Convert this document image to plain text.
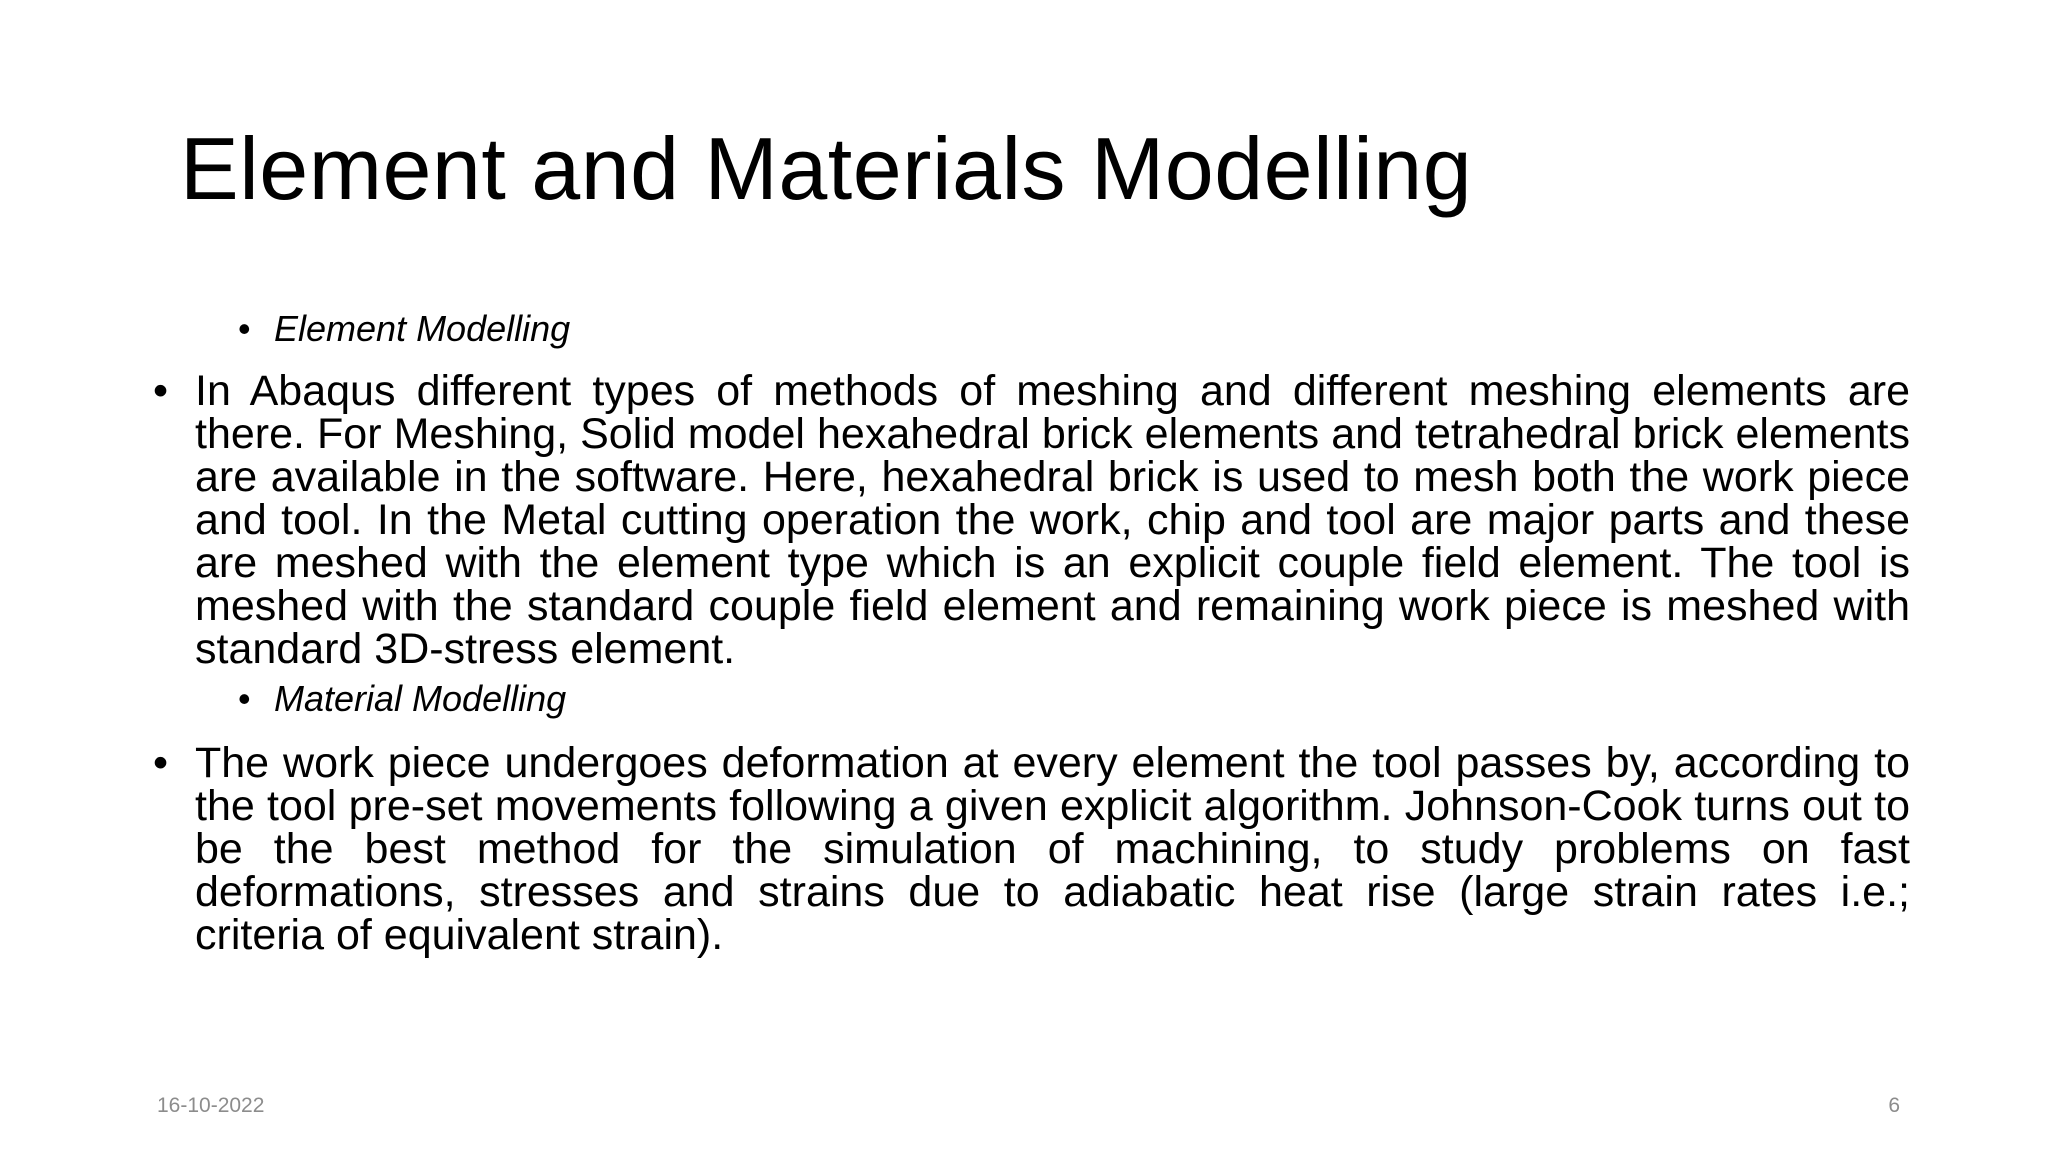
Element and Materials Modelling
• Element Modelling
• In Abaqus different types of methods of meshing and different meshing elements are there. For Meshing, Solid model hexahedral brick elements and tetrahedral brick elements are available in the software. Here, hexahedral brick is used to mesh both the work piece and tool. In the Metal cutting operation the work, chip and tool are major parts and these are meshed with the element type which is an explicit couple field element. The tool is meshed with the standard couple field element and remaining work piece is meshed with standard 3D-stress element.
• Material Modelling
• The work piece undergoes deformation at every element the tool passes by, according to the tool pre-set movements following a given explicit algorithm. Johnson-Cook turns out to be the best method for the simulation of machining, to study problems on fast deformations, stresses and strains due to adiabatic heat rise (large strain rates i.e.; criteria of equivalent strain).
16-10-2022	6
